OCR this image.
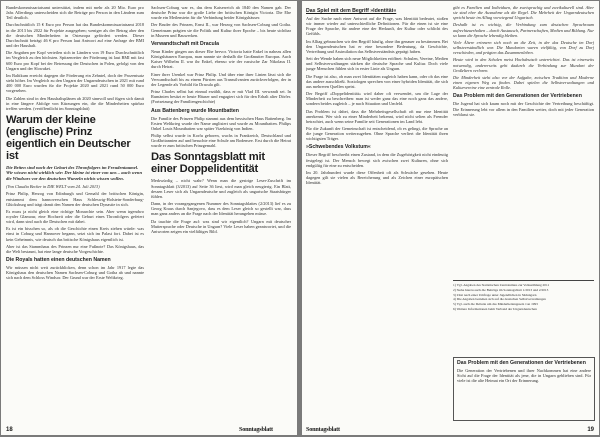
Bundeskommissariatsamt unterstützt, indem mit mehr als 20 Mio. Euro pro Jahr. Allerdings unterscheiden sich die Beträge pro Person in den Ländern zum Teil deutlich.

Durchschnittlich 15 € Euro pro Person hat das Bundeskommissariatsamt 2018 in die 2013 bis 2022 für Projekte ausgegeben; weniger als der Betrag aber den die deutschen Minderheiten in Osteuropa gefördert werden. Dieser Durchschnitt beträgt 46 € pro Person laut Antwort auf eine Anfrage der BMI und der Haushalt.

Die Angaben per Kopf verteilen sich in Ländern von 19 Euro Durchschnittlich im Vergleich zu den höchsten. Spitzenreiter der Förderung ist laut BMI mit fast 600 Euro pro Kopf bei der Betreuung der Deutschen in Polen, gefolgt von den Ungarn und der Slowakei.

Im Baltikum erreicht dagegen die Förderung ein Zehntel, doch der Prozentsatz steht höher. Im Vergleich zu den Ungarn der Ungarndeutschen in 2021 mit rund 400 000 Euro wurden für die Projekte 2020 und 2021 rund 50 000 Euro vorgesehen.

Die Zahlen sind in den Haushaltsplänen ab 2020 sinnvoll und fügen sich damit in eine längere Abfolge von Kürzungen ein, die die Minderheiten spürbar treffen werden. (veröffentlicht im Sonntagsblatt)

Warum der kleine (englische) Prinz eigentlich ein Deutscher ist

Die Briten sind nach der Geburt des Thronfolgers im Freudentaumel. Wir wissen nicht wirklich wie: Der kleine ist einer von uns – auch wenn die Windsors vor den deutschen Wurzeln nichts wissen wollen.

(Von Claudia Becker in DIE WELT vom 24. Juli 2013)

Prinz Philip, Herzog von Edinburgh und Gemahl der britischen Königin, entstammt dem hannoverschen Haus Schleswig-Holstein-Sonderburg-Glücksburg und trägt damit den Namen der deutschen Dynastie in sich.

Es muss ja nicht gleich eine richtige Monarchie sein. Aber wenn irgendwo royaler Glamour, eine Hochzeit oder die Geburt eines Thronfolgers gefeiert wird, dann sind auch die Deutschen mit dabei.

Es ist ein bisschen so, als ob die Geschichte einen Kreis ziehen würde: was einst in Coburg und Hannover begann, setzt sich im Palast fort. Dabei ist es kein Geheimnis, wie deutsch das britische Königshaus eigentlich ist.

Aber ist das Stammhaus des Prinzen nur eine Fußnote? Das Königshaus, das die Welt bestaunt, hat eine lange deutsche Vorgeschichte.

Die Royals hatten einen deutschen Namen

Wir müssen nicht weit zurückblicken, denn schon im Jahr 1917 legte das Königshaus den deutschen Namen Sachsen-Coburg und Gotha ab und nannte sich nach dem Schloss Windsor. Der Grund war der Erste Weltkrieg.

Sachsen-Coburg war es, das dem Kaiserreich ab 1840 den Namen gab. Der deutsche Prinz war die große Liebe der britischen Königin Victoria. Die Ehe wurde ein Meilenstein für die Verbindung beider Königshäuser.

Der Bruder des Prinzen, Ernst II., war Herzog von Sachsen-Coburg und Gotha. Gemeinsam prägten sie die Politik und Kultur ihrer Epoche – bis heute sichtbar in Museen und Bauwerken.

Verwandtschaft mit Dracula

Neun Kinder gingen aus dieser Ehe hervor. Victoria hatte Enkel in nahezu allen Königshäusern Europas, man nannte sie deshalb die Großmutter Europas. Auch Kaiser Wilhelm II. war ihr Enkel, ebenso wie der russische Zar Nikolaus II. durch Heirat.

Einer ihrer Urenkel war Prinz Philip. Und über eine ihrer Linien lässt sich die Verwandtschaft bis zu einem Fürsten aus Transsilvanien zurückverfolgen, der in der Legende als Vorbild für Dracula gilt.

Prinz Charles selbst hat einmal erzählt, dass er mit Vlad III. verwandt sei. In Rumänien besitzt er heute Häuser und engagiert sich für den Erhalt alter Dörfer. (Fortsetzung der Familiengeschichte)

Aus Battenberg wurde Mountbatten

Die Familie des Prinzen Philip stammt aus dem hessischen Haus Battenberg. Im Ersten Weltkrieg wurde der Name anglisiert und wurde zu Mountbatten. Philips Onkel Louis Mountbatten war später Vizekönig von Indien.

Philip selbst wurde in Korfu geboren, wuchs in Frankreich, Deutschland und Großbritannien auf und besuchte eine Schule am Bodensee. Erst durch die Heirat wurde er zum britischen Prinzgemahl.

Das Sonntagsblatt mit einer Doppelidentität

Merkwürdig – nicht wahr? Wenn man die gestrige Leser-Zuschrift im Sonntagsblatt (3/2013) auf Seite 36 liest, wird man gleich neugierig. Ein Blatt, dessen Leser sich als Ungarndeutsche und zugleich als ungarische Staatsbürger fühlen.

Dann, in der vorangegangenen Nummer des Sonntagsblattes (2/2013) lief es zu Georg Kraus durch Sanjegovo, dass es dem Leser gleich so gestellt war, dass man ganz anders an die Frage nach der Identität herangehen müsse.

Da tauchte die Frage auf: was sind wir eigentlich? Ungarn mit deutscher Muttersprache oder Deutsche in Ungarn? Viele Leser haben geantwortet, und die Antworten zeigen ein vielfältiges Bild.

18	Sonntagsblatt
Das Spiel mit dem Begriff »Identität«

Auf der Suche nach einer Antwort auf die Frage, was Identität bedeutet, stoßen wir immer wieder auf unterschiedliche Definitionen. Für die einen ist sie eine Frage der Sprache, für andere eine der Herkunft, der Kultur oder schlicht des Gefühls.

Im Alltag gebrauchen wir den Begriff häufig, ohne ihn genauer zu bestimmen. Bei den Ungarndeutschen hat er eine besondere Bedeutung, da Geschichte, Vertreibung und Assimilation das Selbstverständnis geprägt haben.

Seit der Wende haben sich neue Möglichkeiten eröffnet: Schulen, Vereine, Medien und Selbstverwaltungen stärken die deutsche Sprache und Kultur. Doch viele junge Menschen fühlen sich in erster Linie als Ungarn.

Die Frage ist also, ob man zwei Identitäten zugleich haben kann, oder ob das eine das andere ausschließt. Soziologen sprechen von einer hybriden Identität, die sich aus mehreren Quellen speist.

Der Begriff »Doppelidentität« wird daher oft verwendet, um die Lage der Minderheit zu beschreiben: man ist weder ganz das eine noch ganz das andere, sondern beides zugleich – je nach Situation und Umfeld.

Das Problem ist dabei, dass die Mehrheitsgesellschaft oft nur eine Identität anerkennt. Wer sich zu einer Minderheit bekennt, wird nicht selten als Fremder betrachtet, auch wenn seine Familie seit Generationen im Land lebt.

Für die Zukunft der Gemeinschaft ist entscheidend, ob es gelingt, die Sprache an die junge Generation weiterzugeben. Ohne Sprache verliert die Identität ihren wichtigsten Träger.

»Schwebendes Volkstum«

Dieser Begriff beschreibt einen Zustand, in dem die Zugehörigkeit nicht eindeutig festgelegt ist. Der Mensch bewegt sich zwischen zwei Kulturen, ohne sich endgültig für eine zu entscheiden.

Im 20. Jahrhundert wurde diese Offenheit oft als Schwäche gesehen. Heute dagegen gilt sie vielen als Bereicherung und als Zeichen einer europäischen Identität.

gibt es Familien und Individuen, die zweisprachig und zweikulturell sind. Aber sie sind eher die Ausnahme als die Regel. Die Mehrheit der Ungarndeutschen spricht heute im Alltag vorwiegend Ungarisch.

Deshalb ist es wichtig, die Verbindung zum deutschen Sprachraum aufrechtzuerhalten – durch Austausch, Partnerschaften, Medien und Bildung. Nur so kann die Sprache lebendig bleiben.

Viele Ältere erinnern sich noch an die Zeit, in der das Deutsche im Dorf selbstverständlich war. Die Mundarten waren vielfältig, von Dorf zu Dorf verschieden, und prägten das Zusammenleben.

Heute wird in den Schulen meist Hochdeutsch unterrichtet. Das ist einerseits notwendig, andererseits geht dadurch die Verbindung zur Mundart der Großeltern verloren.

Die Minderheit steht also vor der Aufgabe, zwischen Tradition und Moderne einen eigenen Weg zu finden. Dabei spielen die Selbstverwaltungen und Kulturvereine eine zentrale Rolle.

Das Problem mit den Generationen der Vertriebenen

Die Jugend hat sich kaum noch mit der Geschichte der Vertreibung beschäftigt. Die Erinnerung lebt vor allem in den Familien weiter, doch mit jeder Generation verblasst sie.

1) Vgl. Angaben des Statistischen Zentralamtes zur Volkszählung 2011

2) Siehe hierzu auch die Beiträge im Sonntagsblatt 1/2013 und 2/2013

3) Zitat nach einer Umfrage unter Jugendlichen in Südungarn

4) Die Angaben beziehen sich auf die deutschen Selbstverwaltungen

5) Vgl. auch die Debatte um das Minderheitengesetz von 1993

6) Weitere Informationen beim Verband der Ungarndeutschen

Das Problem mit den Generationen der Vertriebenen

Die Generation der Vertriebenen und ihrer Nachkommen hat eine andere Sicht auf die Frage der Identität als jene, die in Ungarn geblieben sind. Für viele ist die alte Heimat ein Ort der Erinnerung.

Sonntagsblatt	19
